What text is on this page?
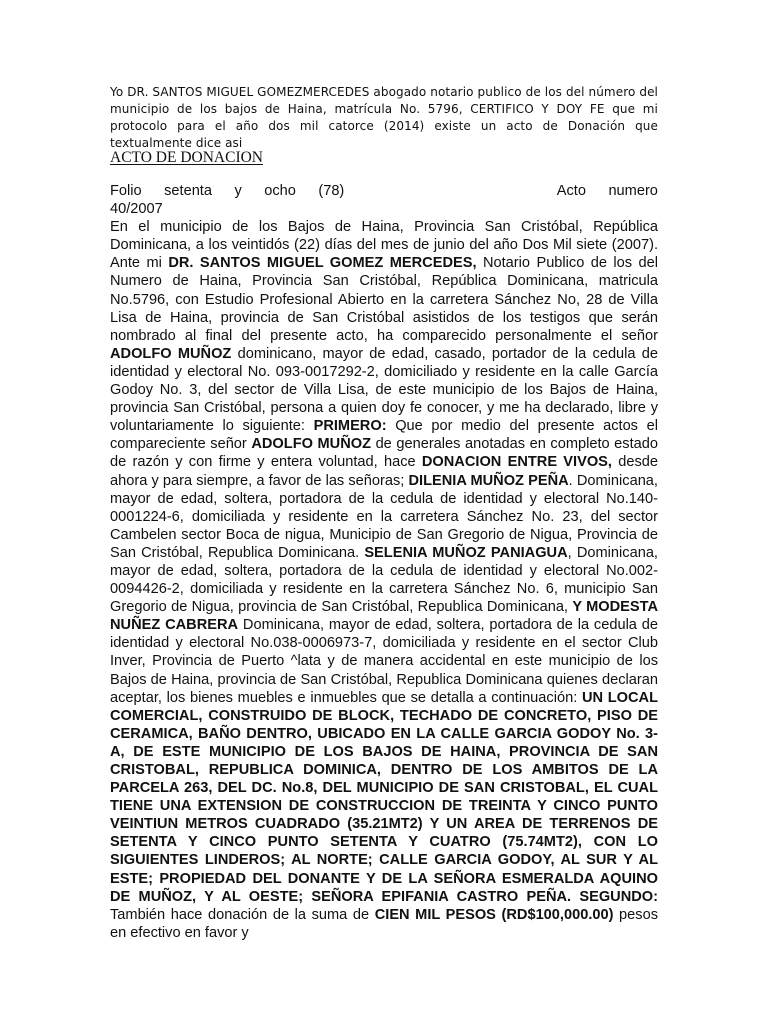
Yo DR. SANTOS MIGUEL GOMEZMERCEDES abogado notario publico de los del número del municipio de los bajos de Haina, matrícula No. 5796, CERTIFICO Y DOY FE que mi protocolo para el año dos mil catorce (2014) existe un acto de Donación que textualmente dice asi

ACTO DE DONACION
Folio setenta y ocho (78)	Acto numero
40/2007
En el municipio de los Bajos de Haina, Provincia San Cristóbal, República Dominicana, a los veintidós (22) días del mes de junio del año Dos Mil siete (2007). Ante mi DR. SANTOS MIGUEL GOMEZ MERCEDES, Notario Publico de los del Numero de Haina, Provincia San Cristóbal, República Dominicana, matricula No.5796, con Estudio Profesional Abierto en la carretera Sánchez No, 28 de Villa Lisa de Haina, provincia de San Cristóbal asistidos de los testigos que serán nombrado al final del presente acto, ha comparecido personalmente el señor ADOLFO MUÑOZ dominicano, mayor de edad, casado, portador de la cedula de identidad y electoral No. 093-0017292-2, domiciliado y residente en la calle García Godoy No. 3, del sector de Villa Lisa, de este municipio de los Bajos de Haina, provincia San Cristóbal, persona a quien doy fe conocer, y me ha declarado, libre y voluntariamente lo siguiente: PRIMERO: Que por medio del presente actos el compareciente señor ADOLFO MUÑOZ de generales anotadas en completo estado de razón y con firme y entera voluntad, hace DONACION ENTRE VIVOS, desde ahora y para siempre, a favor de las señoras; DILENIA MUÑOZ PEÑA. Dominicana, mayor de edad, soltera, portadora de la cedula de identidad y electoral No.140-0001224-6, domiciliada y residente en la carretera Sánchez No. 23, del sector Cambelen sector Boca de nigua, Municipio de San Gregorio de Nigua, Provincia de San Cristóbal, Republica Dominicana. SELENIA MUÑOZ PANIAGUA, Dominicana, mayor de edad, soltera, portadora de la cedula de identidad y electoral No.002-0094426-2, domiciliada y residente en la carretera Sánchez No. 6, municipio San Gregorio de Nigua, provincia de San Cristóbal, Republica Dominicana, Y MODESTA NUÑEZ CABRERA Dominicana, mayor de edad, soltera, portadora de la cedula de identidad y electoral No.038-0006973-7, domiciliada y residente en el sector Club Inver, Provincia de Puerto ^lata y de manera accidental en este municipio de los Bajos de Haina, provincia de San Cristóbal, Republica Dominicana quienes declaran aceptar, los bienes muebles e inmuebles que se detalla a continuación: UN LOCAL COMERCIAL, CONSTRUIDO DE BLOCK, TECHADO DE CONCRETO, PISO DE CERAMICA, BAÑO DENTRO, UBICADO EN LA CALLE GARCIA GODOY No. 3-A, DE ESTE MUNICIPIO DE LOS BAJOS DE HAINA, PROVINCIA DE SAN CRISTOBAL, REPUBLICA DOMINICA, DENTRO DE LOS AMBITOS DE LA PARCELA 263, DEL DC. No.8, DEL MUNICIPIO DE SAN CRISTOBAL, EL CUAL TIENE UNA EXTENSION DE CONSTRUCCION DE TREINTA Y CINCO PUNTO VEINTIUN METROS CUADRADO (35.21MT2) Y UN AREA DE TERRENOS DE SETENTA Y CINCO PUNTO SETENTA Y CUATRO (75.74MT2), CON LO SIGUIENTES LINDEROS; AL NORTE; CALLE GARCIA GODOY, AL SUR Y AL ESTE; PROPIEDAD DEL DONANTE Y DE LA SEÑORA ESMERALDA AQUINO DE MUÑOZ, Y AL OESTE; SEÑORA EPIFANIA CASTRO PEÑA. SEGUNDO: También hace donación de la suma de CIEN MIL PESOS (RD$100,000.00) pesos en efectivo en favor y
